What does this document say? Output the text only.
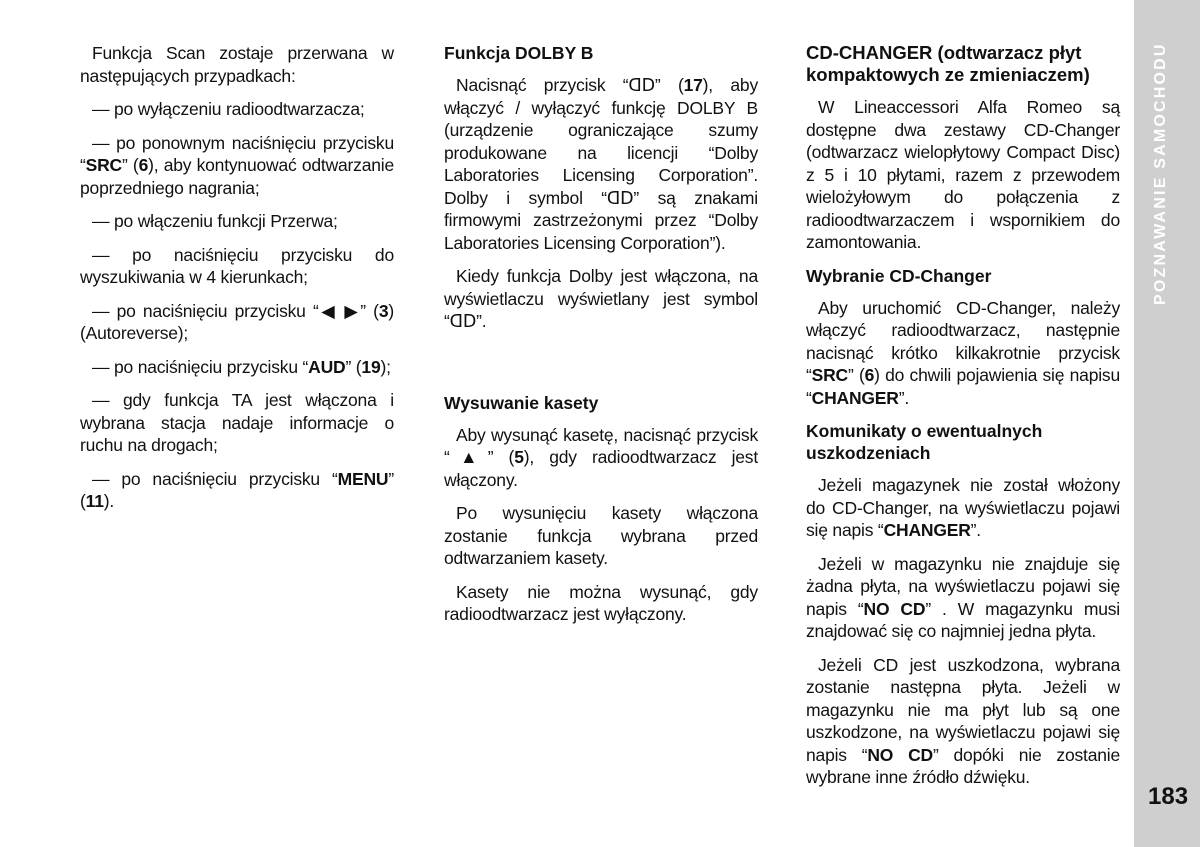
Funkcja Scan zostaje przerwana w następujących przypadkach:

— po wyłączeniu radioodtwarzacza;

— po ponownym naciśnięciu przycisku “SRC” (6), aby kontynuować odtwarzanie poprzedniego nagrania;

— po włączeniu funkcji Przerwa;

— po naciśnięciu przycisku do wyszukiwania w 4 kierunkach;

— po naciśnięciu przycisku “◀ ▶” (3) (Autoreverse);

— po naciśnięciu przycisku “AUD” (19);

— gdy funkcja TA jest włączona i wybrana stacja nadaje informacje o ruchu na drogach;

— po naciśnięciu przycisku “MENU” (11).

Funkcja DOLBY B

Nacisnąć przycisk “ᗡᗞ” (17), aby włączyć / wyłączyć funkcję DOLBY B (urządzenie ograniczające szumy produkowane na licencji “Dolby Laboratories Licensing Corporation”. Dolby i symbol “ᗡᗞ” są znakami firmowymi zastrzeżonymi przez “Dolby Laboratories Licensing Corporation”).

Kiedy funkcja Dolby jest włączona, na wyświetlaczu wyświetlany jest symbol “ᗡᗞ”.

Wysuwanie kasety

Aby wysunąć kasetę, nacisnąć przycisk “▲” (5), gdy radioodtwarzacz jest włączony.

Po wysunięciu kasety włączona zostanie funkcja wybrana przed odtwarzaniem kasety.

Kasety nie można wysunąć, gdy radioodtwarzacz jest wyłączony.

CD-CHANGER (odtwarzacz płyt kompaktowych ze zmieniaczem)

W Lineaccessori Alfa Romeo są dostępne dwa zestawy CD-Changer (odtwarzacz wielopłytowy Compact Disc) z 5 i 10 płytami, razem z przewodem wielożyłowym do połączenia z radioodtwarzaczem i wspornikiem do zamontowania.

Wybranie CD-Changer

Aby uruchomić CD-Changer, należy włączyć radioodtwarzacz, następnie nacisnąć krótko kilkakrotnie przycisk “SRC” (6) do chwili pojawienia się napisu “CHANGER”.

Komunikaty o ewentualnych uszkodzeniach

Jeżeli magazynek nie został włożony do CD-Changer, na wyświetlaczu pojawi się napis “CHANGER”.

Jeżeli w magazynku nie znajduje się żadna płyta, na wyświetlaczu pojawi się napis “NO CD” . W magazynku musi znajdować się co najmniej jedna płyta.

Jeżeli CD jest uszkodzona, wybrana zostanie następna płyta. Jeżeli w magazynku nie ma płyt lub są one uszkodzone, na wyświetlaczu pojawi się napis “NO CD” dopóki nie zostanie wybrane inne źródło dźwięku.

POZNAWANIE SAMOCHODU
183
